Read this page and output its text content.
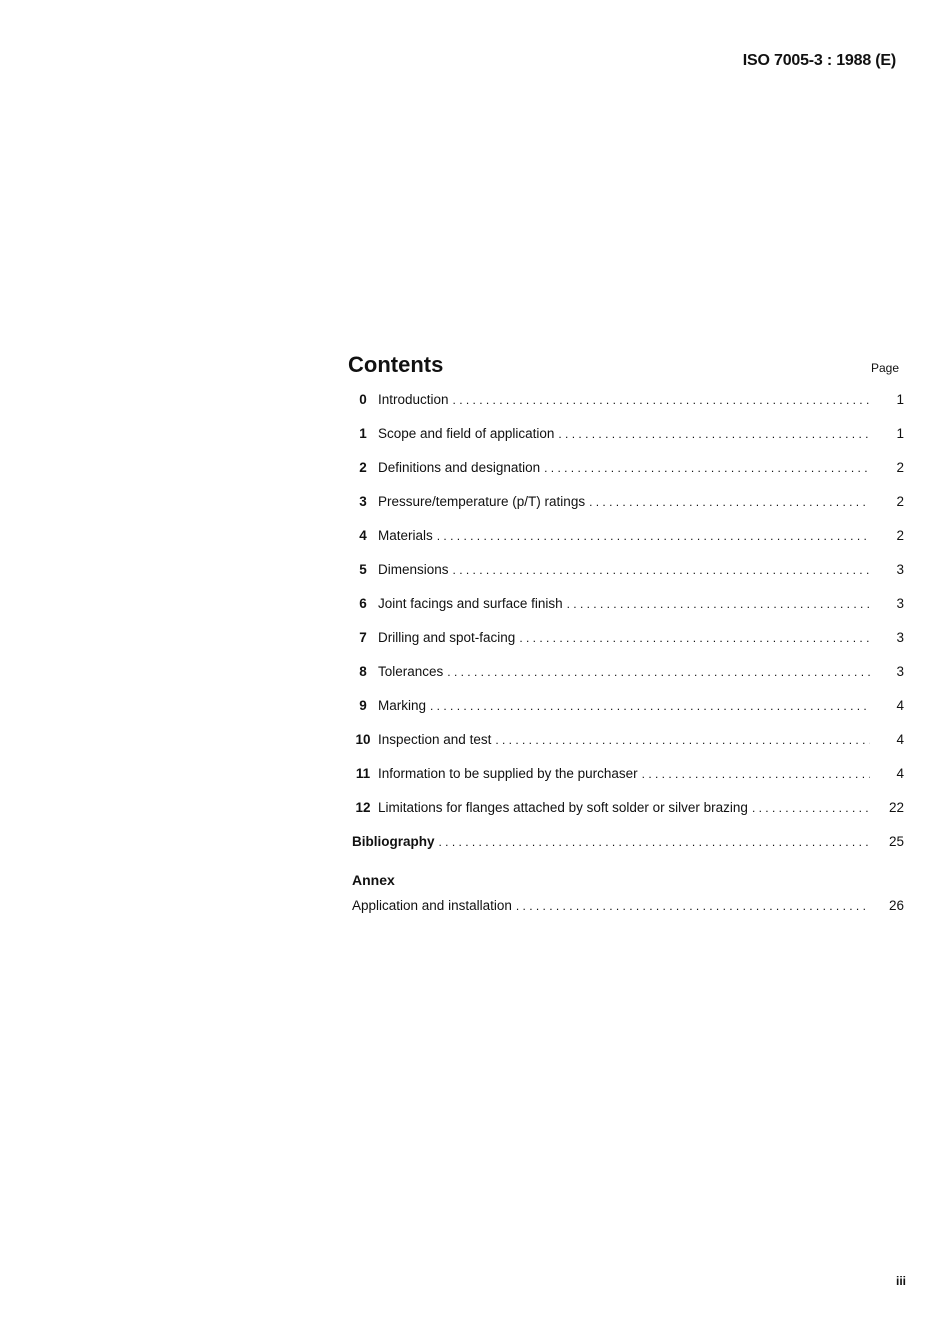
ISO 7005-3 : 1988 (E)
Contents	Page
0 Introduction . . .	1
1 Scope and field of application . . .	1
2 Definitions and designation . . .	2
3 Pressure/temperature (p/T) ratings . . .	2
4 Materials . . .	2
5 Dimensions . . .	3
6 Joint facings and surface finish . . .	3
7 Drilling and spot-facing . . .	3
8 Tolerances . . .	3
9 Marking . . .	4
10 Inspection and test . . .	4
11 Information to be supplied by the purchaser . . .	4
12 Limitations for flanges attached by soft solder or silver brazing . . .	22
Bibliography . . .	25
Annex
Application and installation . . .	26
iii
